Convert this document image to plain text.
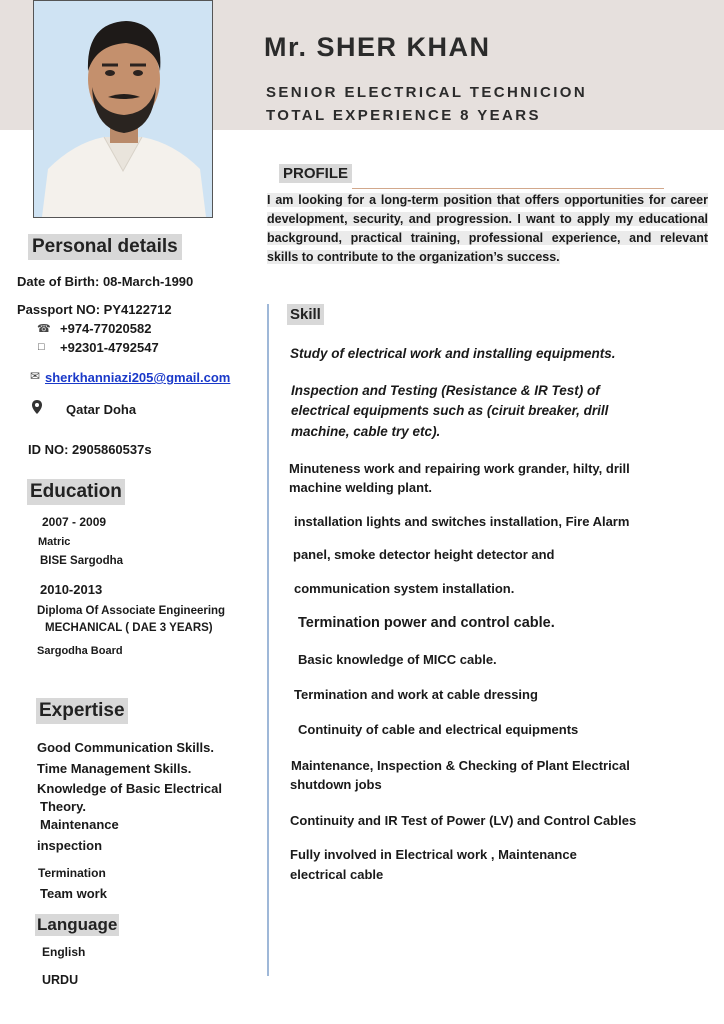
Mr. SHER KHAN
SENIOR ELECTRICAL TECHNICION
TOTAL EXPERIENCE 8 YEARS
PROFILE
I am looking for a long-term position that offers opportunities for career development, security, and progression. I want to apply my educational background, practical training, professional experience, and relevant skills to contribute to the organization’s success.
Personal details
Date of Birth: 08-March-1990
Passport NO: PY4122712
☎ +974-77020582
□ +92301-4792547
✉ sherkhanniazi205@gmail.com
Qatar Doha
ID NO: 2905860537s
Education
2007 - 2009
Matric
BISE Sargodha
2010-2013
Diploma Of Associate Engineering
MECHANICAL ( DAE 3 YEARS)
Sargodha Board
Expertise
Good Communication Skills.
Time Management Skills.
Knowledge of Basic Electrical
Theory.
Maintenance
inspection
Termination
Team work
Language
English
URDU
Skill
Study of electrical work and installing equipments.
Inspection and Testing (Resistance & IR Test) of
electrical equipments such as (ciruit breaker, drill
machine, cable try etc).
Minuteness work and repairing work grander, hilty, drill
machine welding plant.
installation lights and switches installation, Fire Alarm
panel, smoke detector height detector and
communication system installation.
Termination power and control cable.
Basic knowledge of MICC cable.
Termination and work at cable dressing
Continuity of cable and electrical equipments
Maintenance, Inspection & Checking of Plant Electrical
shutdown jobs
Continuity and IR Test of Power (LV) and Control Cables
Fully involved in Electrical work , Maintenance
electrical cable
